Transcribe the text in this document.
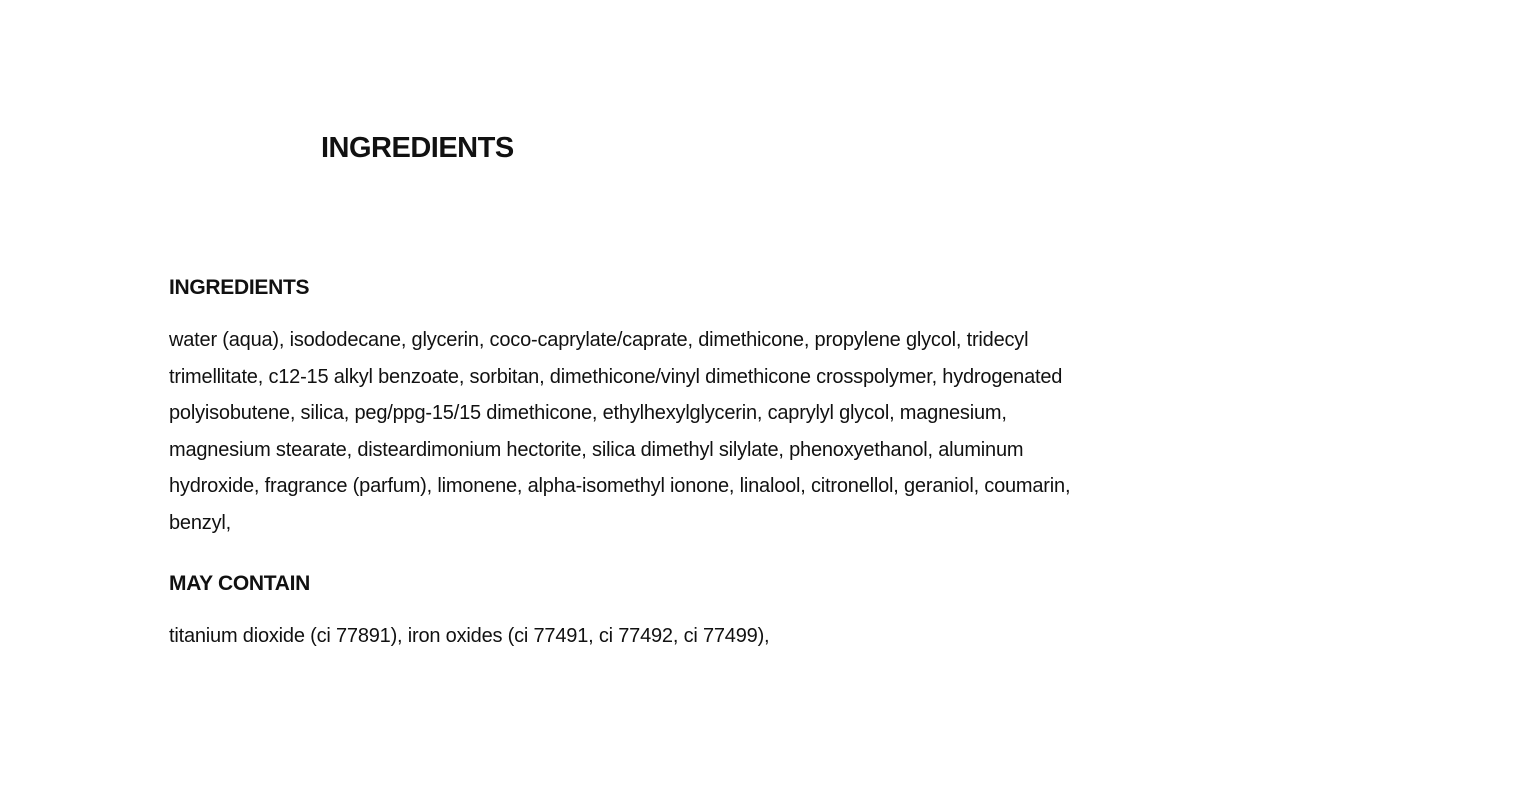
INGREDIENTS
INGREDIENTS

water (aqua), isododecane, glycerin, coco-caprylate/caprate, dimethicone, propylene glycol, tridecyl trimellitate, c12-15 alkyl benzoate, sorbitan, dimethicone/vinyl dimethicone crosspolymer, hydrogenated polyisobutene, silica, peg/ppg-15/15 dimethicone, ethylhexylglycerin, caprylyl glycol, magnesium, magnesium stearate, disteardimonium hectorite, silica dimethyl silylate, phenoxyethanol, aluminum hydroxide, fragrance (parfum), limonene, alpha-isomethyl ionone, linalool, citronellol, geraniol, coumarin, benzyl,

MAY CONTAIN

titanium dioxide (ci 77891), iron oxides (ci 77491, ci 77492, ci 77499),
